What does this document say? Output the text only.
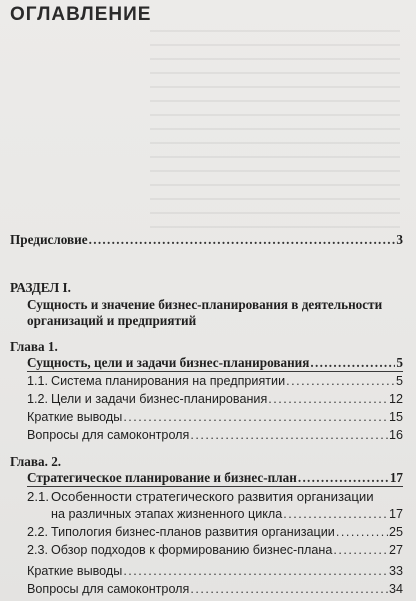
ОГЛАВЛЕНИЕ
Предисловие . . .	3
РАЗДЕЛ I.
Сущность и значение бизнес-планирования в деятельности
организаций и предприятий
Глава 1.
Сущность, цели и задачи бизнес-планирования . . .	5
1.1. Система планирования на предприятии . . .	5
1.2. Цели и задачи бизнес-планирования . . .	12
Краткие выводы . . .	15
Вопросы для самоконтроля . . .	16
Глава. 2.
Стратегическое планирование и бизнес-план . . .	17
2.1. Особенности стратегического развития организации
на различных этапах жизненного цикла . . .	17
2.2. Типология бизнес-планов развития организации . . .	25
2.3. Обзор подходов к формированию бизнес-плана . . .	27
Краткие выводы . . .	33
Вопросы для самоконтроля . . .	34
